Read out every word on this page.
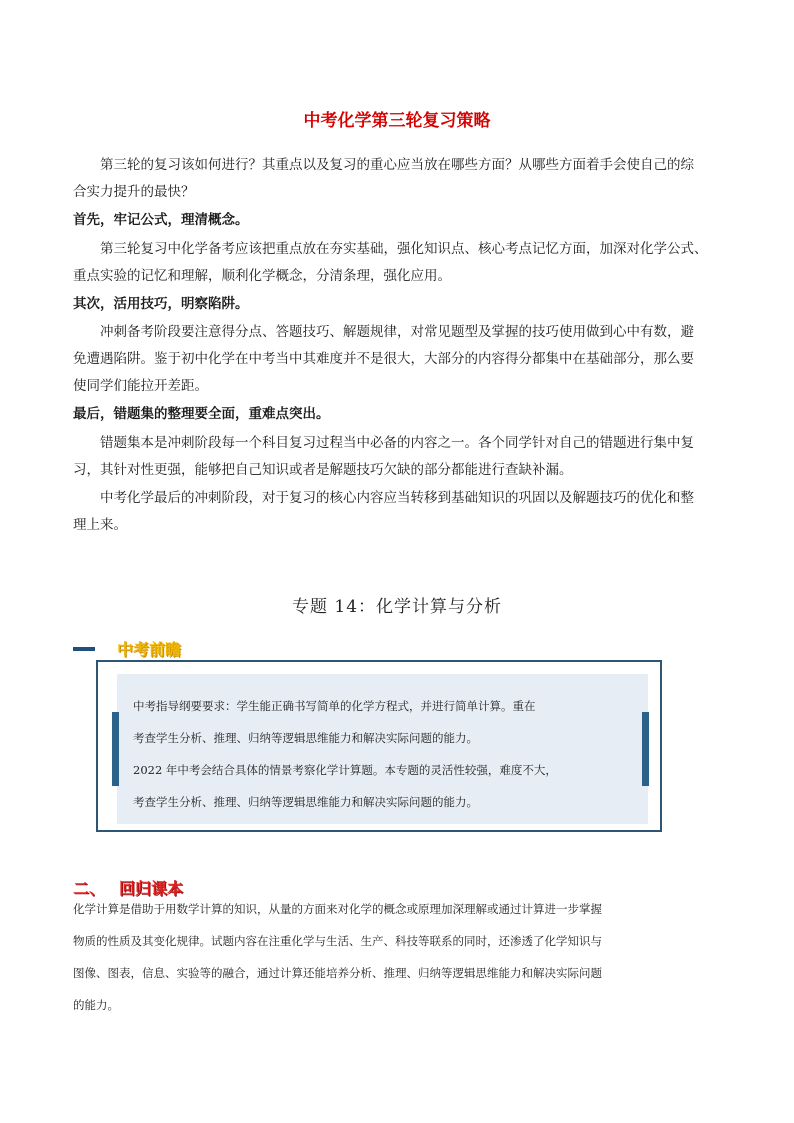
中考化学第三轮复习策略
第三轮的复习该如何进行？其重点以及复习的重心应当放在哪些方面？从哪些方面着手会使自己的综
合实力提升的最快？
首先，牢记公式，理清概念。
第三轮复习中化学备考应该把重点放在夯实基础，强化知识点、核心考点记忆方面，加深对化学公式、
重点实验的记忆和理解，顺利化学概念，分清条理，强化应用。
其次，活用技巧，明察陷阱。
冲刺备考阶段要注意得分点、答题技巧、解题规律，对常见题型及掌握的技巧使用做到心中有数，避
免遭遇陷阱。鉴于初中化学在中考当中其难度并不是很大，大部分的内容得分都集中在基础部分，那么要
使同学们能拉开差距。
最后，错题集的整理要全面，重难点突出。
错题集本是冲刺阶段每一个科目复习过程当中必备的内容之一。各个同学针对自己的错题进行集中复
习，其针对性更强，能够把自己知识或者是解题技巧欠缺的部分都能进行查缺补漏。
中考化学最后的冲刺阶段，对于复习的核心内容应当转移到基础知识的巩固以及解题技巧的优化和整
理上来。
专题 14：化学计算与分析
中考前瞻
中考指导纲要要求：学生能正确书写简单的化学方程式，并进行简单计算。重在
考查学生分析、推理、归纳等逻辑思维能力和解决实际问题的能力。
2022 年中考会结合具体的情景考察化学计算题。本专题的灵活性较强，难度不大，
考查学生分析、推理、归纳等逻辑思维能力和解决实际问题的能力。
二、 回归课本
化学计算是借助于用数学计算的知识，从量的方面来对化学的概念或原理加深理解或通过计算进一步掌握
物质的性质及其变化规律。试题内容在注重化学与生活、生产、科技等联系的同时，还渗透了化学知识与
图像、图表，信息、实验等的融合，通过计算还能培养分析、推理、归纳等逻辑思维能力和解决实际问题
的能力。
